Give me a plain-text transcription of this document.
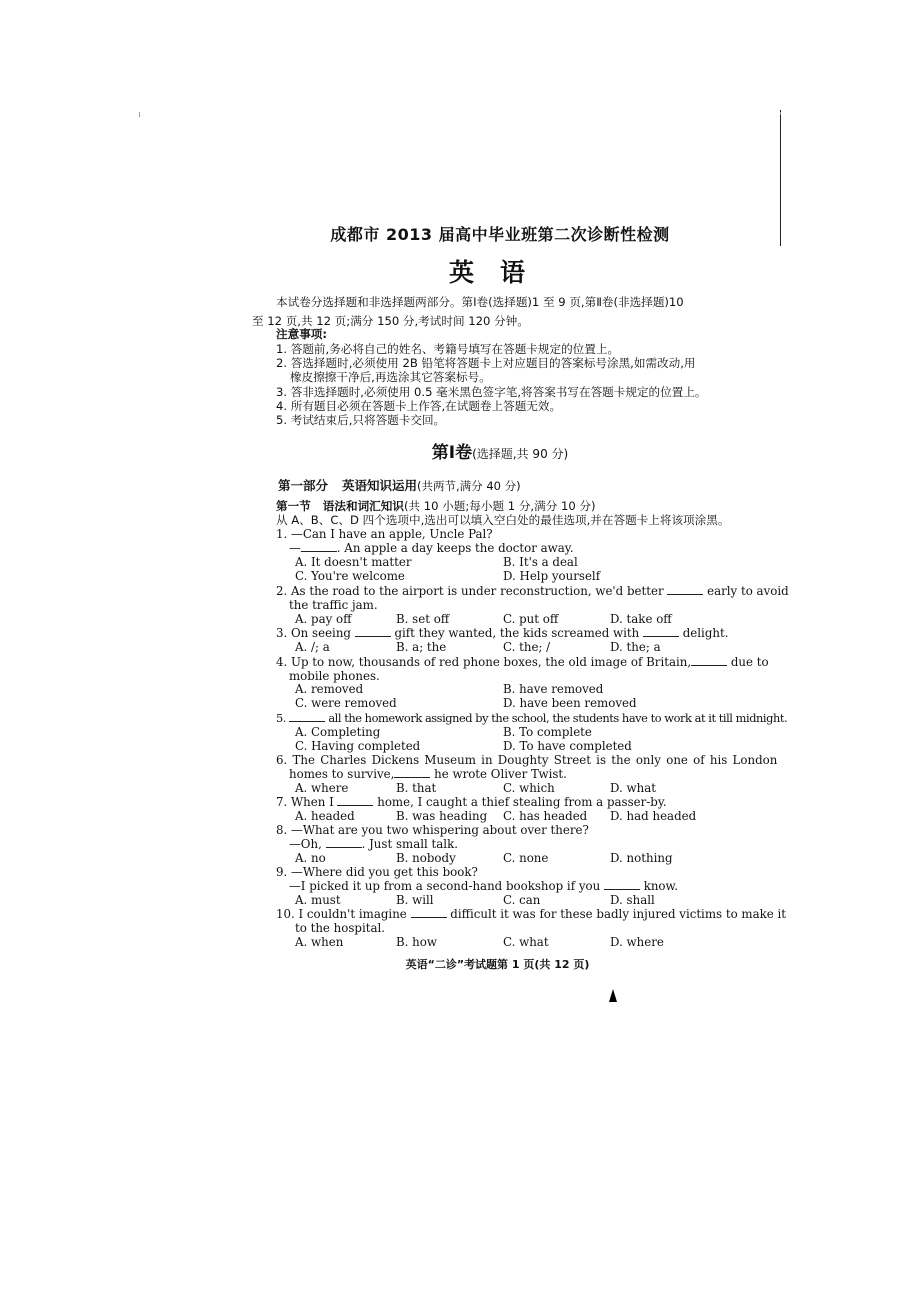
成都市 2013 届高中毕业班第二次诊断性检测
英语
本试卷分选择题和非选择题两部分。第Ⅰ卷(选择题)1 至 9 页,第Ⅱ卷(非选择题)10
至 12 页,共 12 页;满分 150 分,考试时间 120 分钟。
注意事项:
1. 答题前,务必将自己的姓名、考籍号填写在答题卡规定的位置上。
2. 答选择题时,必须使用 2B 铅笔将答题卡上对应题目的答案标号涂黑,如需改动,用
橡皮擦擦干净后,再选涂其它答案标号。
3. 答非选择题时,必须使用 0.5 毫米黑色签字笔,将答案书写在答题卡规定的位置上。
4. 所有题目必须在答题卡上作答,在试题卷上答题无效。
5. 考试结束后,只将答题卡交回。
第Ⅰ卷(选择题,共 90 分)
第一部分 英语知识运用(共两节,满分 40 分)
第一节 语法和词汇知识(共 10 小题;每小题 1 分,满分 10 分)
从 A、B、C、D 四个选项中,选出可以填入空白处的最佳选项,并在答题卡上将该项涂黑。
1. —Can I have an apple, Uncle Pal?
—	. An apple a day keeps the doctor away.
A. It doesn't matter	B. It's a deal
C. You're welcome	D. Help yourself
2. As the road to the airport is under reconstruction, we'd better	early to avoid
the traffic jam.
A. pay off	B. set off	C. put off	D. take off
3. On seeing	gift they wanted, the kids screamed with	delight.
A. /; a	B. a; the	C. the; /	D. the; a
4. Up to now, thousands of red phone boxes, the old image of Britain,	due to
mobile phones.
A. removed	B. have removed
C. were removed	D. have been removed
5.	all the homework assigned by the school, the students have to work at it till midnight.
A. Completing	B. To complete
C. Having completed	D. To have completed
6. The Charles Dickens Museum in Doughty Street is the only one of his London
homes to survive,	he wrote Oliver Twist.
A. where	B. that	C. which	D. what
7. When I	home, I caught a thief stealing from a passer-by.
A. headed	B. was heading C. has headed D. had headed
8. —What are you two whispering about over there?
—Oh,	. Just small talk.
A. no	B. nobody	C. none	D. nothing
9. —Where did you get this book?
—I picked it up from a second-hand bookshop if you	know.
A. must	B. will	C. can	D. shall
10. I couldn't imagine	difficult it was for these badly injured victims to make it
to the hospital.
A. when	B. how	C. what	D. where
英语“二诊”考试题第 1 页(共 12 页)
